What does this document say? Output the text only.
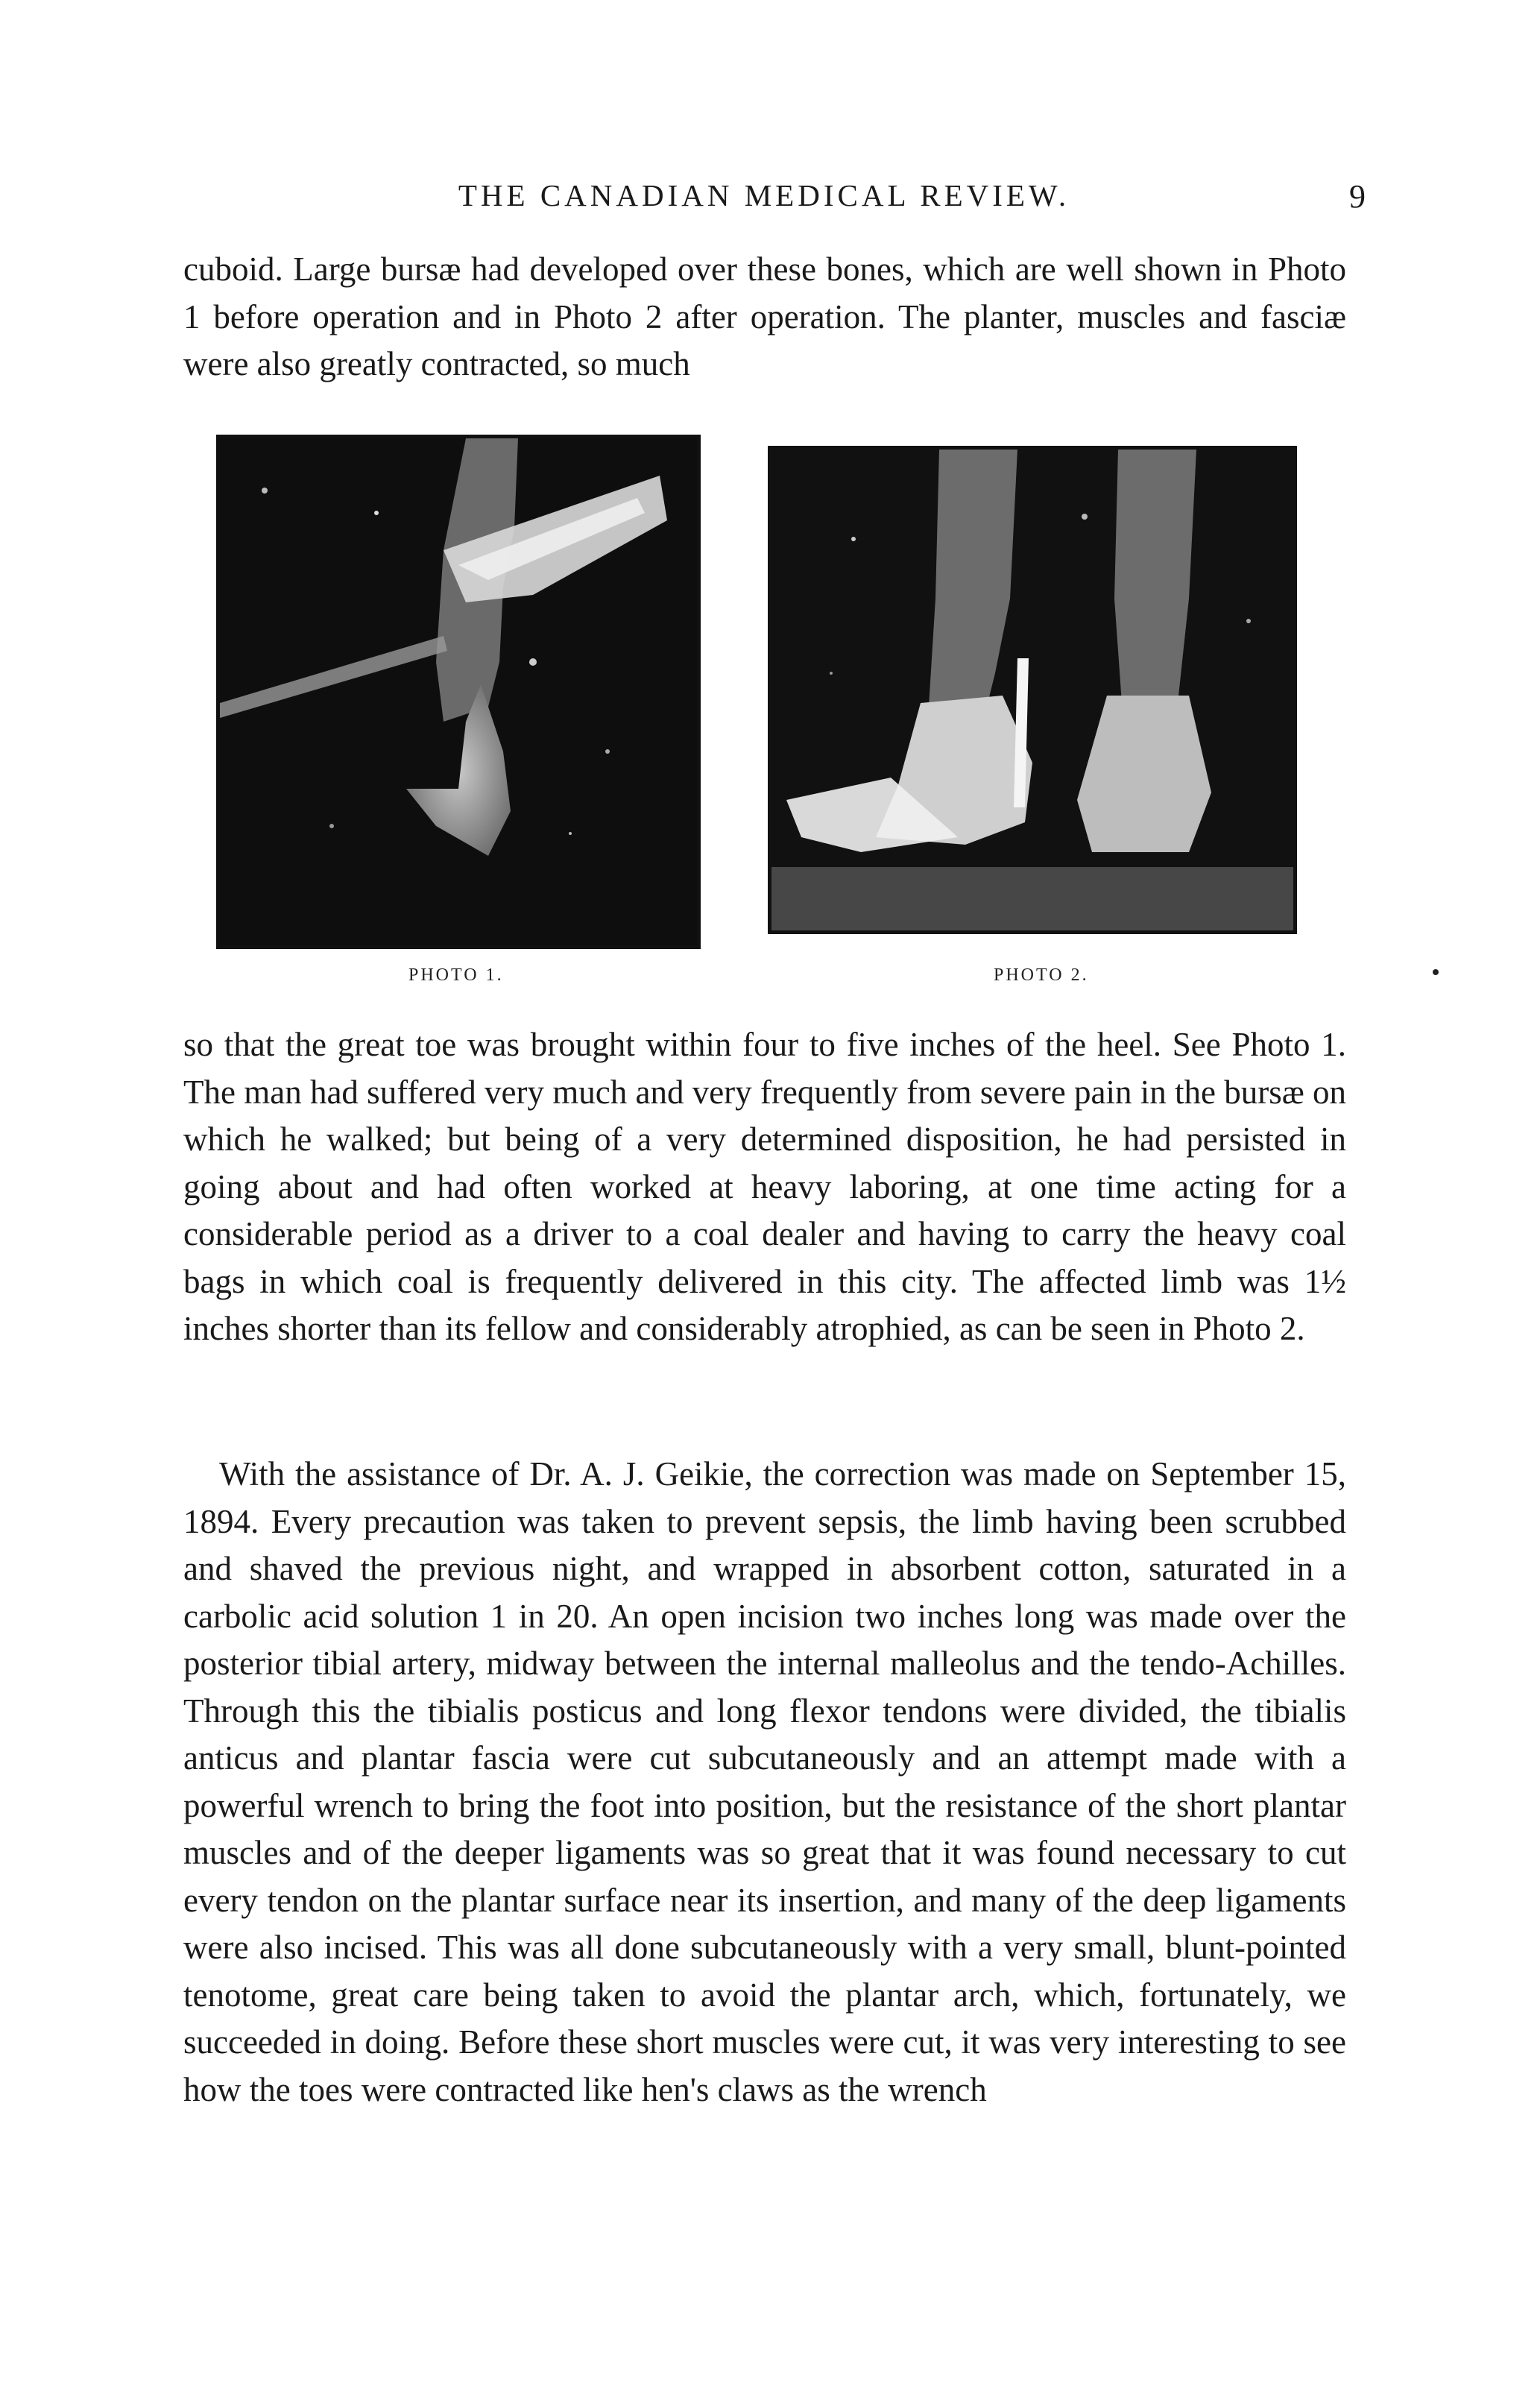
THE CANADIAN MEDICAL REVIEW.	9

cuboid. Large bursæ had developed over these bones, which are well shown in Photo 1 before operation and in Photo 2 after operation. The planter, muscles and fasciæ were also greatly contracted, so much

PHOTO 1.	PHOTO 2.

so that the great toe was brought within four to five inches of the heel. See Photo 1. The man had suffered very much and very frequently from severe pain in the bursæ on which he walked; but being of a very determined disposition, he had persisted in going about and had often worked at heavy laboring, at one time acting for a considerable period as a driver to a coal dealer and having to carry the heavy coal bags in which coal is frequently delivered in this city. The affected limb was 1½ inches shorter than its fellow and considerably atrophied, as can be seen in Photo 2.

With the assistance of Dr. A. J. Geikie, the correction was made on September 15, 1894. Every precaution was taken to prevent sepsis, the limb having been scrubbed and shaved the previous night, and wrapped in absorbent cotton, saturated in a carbolic acid solution 1 in 20. An open incision two inches long was made over the posterior tibial artery, midway between the internal malleolus and the tendo-Achilles. Through this the tibialis posticus and long flexor tendons were divided, the tibialis anticus and plantar fascia were cut subcutaneously and an attempt made with a powerful wrench to bring the foot into position, but the resistance of the short plantar muscles and of the deeper ligaments was so great that it was found necessary to cut every tendon on the plantar surface near its insertion, and many of the deep ligaments were also incised. This was all done subcutaneously with a very small, blunt-pointed tenotome, great care being taken to avoid the plantar arch, which, fortunately, we succeeded in doing. Before these short muscles were cut, it was very interesting to see how the toes were contracted like hen's claws as the wrench
